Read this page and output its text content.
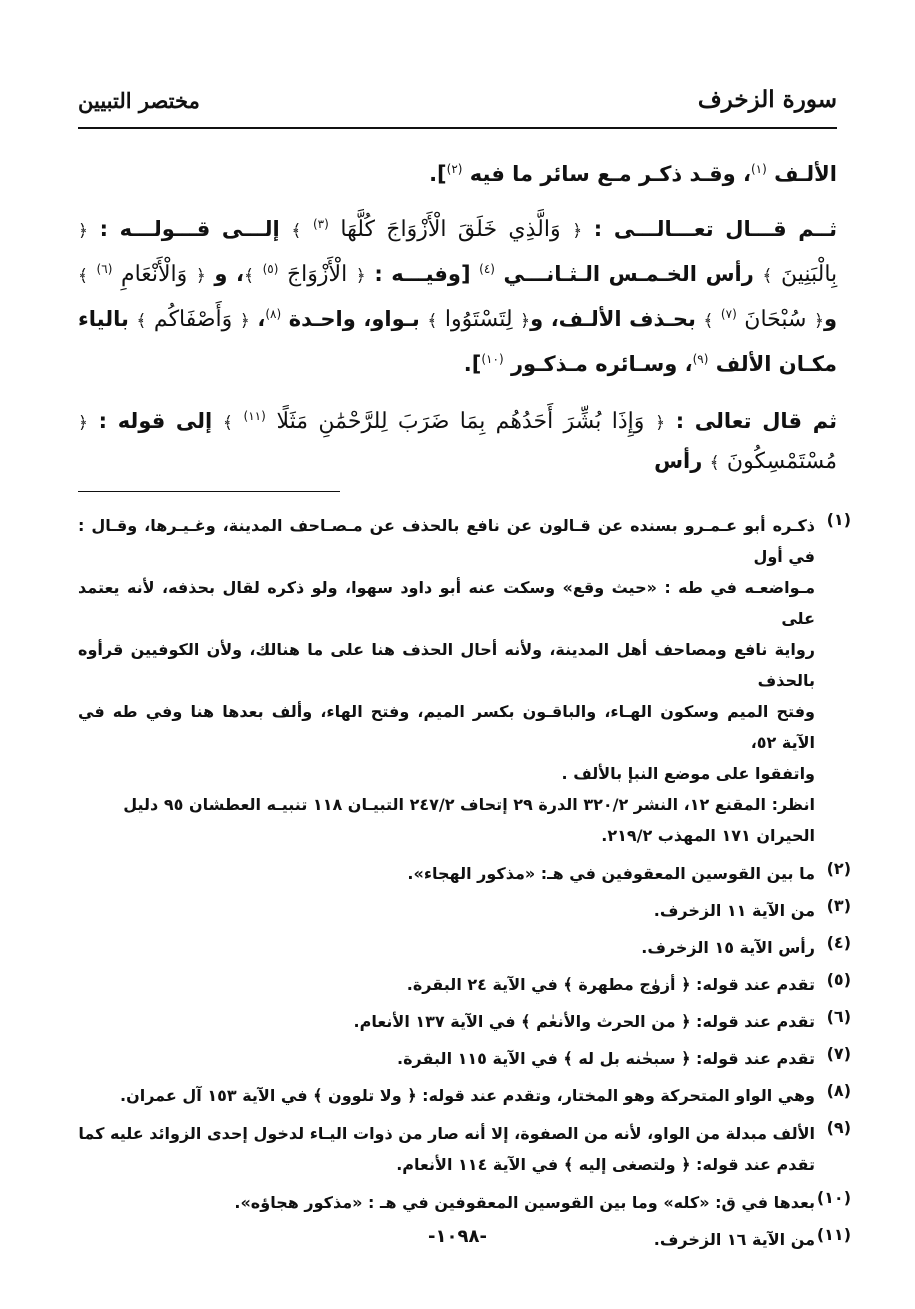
سورة الزخرف
مختصر التبيين

الألـف $^{(١)}$، وقـد ذكـر مـع سائر ما فيه $^{(٢)}$].

ثــم قـــال تعـــالـــى : ﴿ وَالَّذِي خَلَقَ الْأَزْوَاجَ كُلَّهَا $^{(٣)}$ ﴾ إلـــى قـــولـــه : ﴿ بِالْبَنِينَ ﴾ رأس الخـمـس الـثـانـــي $^{(٤)}$ [وفيـــه : ﴿ الْأَزْوَاجَ $^{(٥)}$ ﴾، و ﴿ وَالْأَنْعَامِ $^{(٦)}$ ﴾ و﴿ سُبْحَانَ $^{(٧)}$ ﴾ بحـذف الألـف، و﴿ لِتَسْتَوُوا ﴾ بـواو، واحـدة $^{(٨)}$، ﴿ وَأَصْفَاكُم ﴾ بالياء مكـان الألف $^{(٩)}$، وسـائره مـذكـور $^{(١٠)}$].

ثم قال تعالى : ﴿ وَإِذَا بُشِّرَ أَحَدُهُم بِمَا ضَرَبَ لِلرَّحْمَٰنِ مَثَلًا $^{(١١)}$ ﴾ إلى قوله : ﴿ مُسْتَمْسِكُونَ ﴾ رأس

(١)
ذكـره أبو عـمـرو بسنده عن قـالون عن نافع بالحذف عن مـصـاحف المدينة، وغـيـرها، وقـال : في أول
مـواضعـه في طه : «حيث وقع» وسكت عنه أبو داود سهوا، ولو ذكره لقال بحذفه، لأنه يعتمد على
رواية نافع ومصاحف أهل المدينة، ولأنه أحال الحذف هنا على ما هنالك، ولأن الكوفيين قرأوه بالحذف
وفتح الميم وسكون الهـاء، والباقـون بكسر الميم، وفتح الهاء، وألف بعدها هنا وفي طه في الآية ٥٢،
واتفقوا على موضع النبإ بالألف .
انظر: المقنع ١٢، النشر ٣٢٠/٢ الدرة ٢٩ إتحاف ٢٤٧/٢ التبيـان ١١٨ تنبيـه العطشان ٩٥ دليل
الحيران ١٧١ المهذب ٢١٩/٢.
(٢)
ما بين القوسين المعقوفين في هـ: «مذكور الهجاء».
(٣)
من الآية ١١ الزخرف.
(٤)
رأس الآية ١٥ الزخرف.
(٥)
تقدم عند قوله: ﴿ أزوٰج مطهرة ﴾ في الآية ٢٤ البقرة.
(٦)
تقدم عند قوله: ﴿ من الحرث والأنعٰم ﴾ في الآية ١٣٧ الأنعام.
(٧)
تقدم عند قوله: ﴿ سبحٰنه بل له ﴾ في الآية ١١٥ البقرة.
(٨)
وهي الواو المتحركة وهو المختار، وتقدم عند قوله: ﴿ ولا تلوون ﴾ في الآية ١٥٣ آل عمران.
(٩)
الألف مبدلة من الواو، لأنه من الصفوة، إلا أنه صار من ذوات اليـاء لدخول إحدى الزوائد عليه كما
تقدم عند قوله: ﴿ ولتصغى إليه ﴾ في الآية ١١٤ الأنعام.
(١٠)
بعدها في ق: «كله» وما بين القوسين المعقوفين في هـ : «مذكور هجاؤه».
(١١)
من الآية ١٦ الزخرف.
-١٠٩٨-
